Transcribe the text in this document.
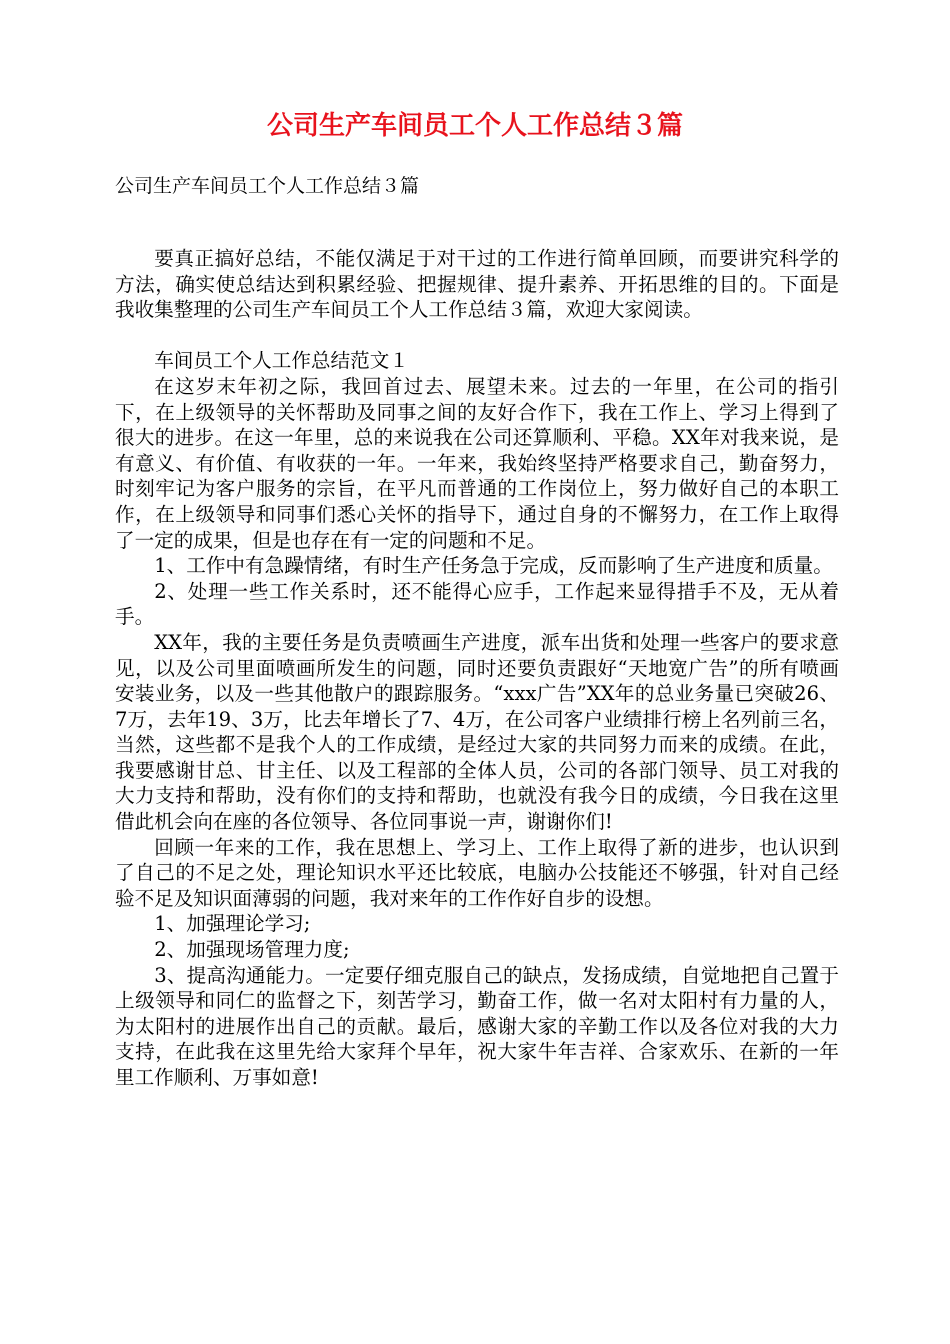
公司生产车间员工个人工作总结３篇
公司生产车间员工个人工作总结３篇

要真正搞好总结，不能仅满足于对干过的工作进行简单回顾，而要讲究科学的方法，确实使总结达到积累经验、把握规律、提升素养、开拓思维的目的。下面是我收集整理的公司生产车间员工个人工作总结３篇，欢迎大家阅读。

车间员工个人工作总结范文１

在这岁末年初之际，我回首过去、展望未来。过去的一年里，在公司的指引下，在上级领导的关怀帮助及同事之间的友好合作下，我在工作上、学习上得到了很大的进步。在这一年里，总的来说我在公司还算顺利、平稳。XX年对我来说，是有意义、有价值、有收获的一年。一年来，我始终坚持严格要求自己，勤奋努力，时刻牢记为客户服务的宗旨，在平凡而普通的工作岗位上，努力做好自己的本职工作，在上级领导和同事们悉心关怀的指导下，通过自身的不懈努力，在工作上取得了一定的成果，但是也存在有一定的问题和不足。

1、工作中有急躁情绪，有时生产任务急于完成，反而影响了生产进度和质量。

2、处理一些工作关系时，还不能得心应手，工作起来显得措手不及，无从着手。

XX年，我的主要任务是负责喷画生产进度，派车出货和处理一些客户的要求意见，以及公司里面喷画所发生的问题，同时还要负责跟好“天地宽广告”的所有喷画安装业务，以及一些其他散户的跟踪服务。“xxx广告”XX年的总业务量已突破26、7万，去年19、3万，比去年增长了7、4万，在公司客户业绩排行榜上名列前三名，当然，这些都不是我个人的工作成绩，是经过大家的共同努力而来的成绩。在此，我要感谢甘总、甘主任、以及工程部的全体人员，公司的各部门领导、员工对我的大力支持和帮助，没有你们的支持和帮助，也就没有我今日的成绩，今日我在这里借此机会向在座的各位领导、各位同事说一声，谢谢你们!

回顾一年来的工作，我在思想上、学习上、工作上取得了新的进步，也认识到了自己的不足之处，理论知识水平还比较底，电脑办公技能还不够强，针对自己经验不足及知识面薄弱的问题，我对来年的工作作好自步的设想。

1、加强理论学习;

2、加强现场管理力度;

3、提高沟通能力。一定要仔细克服自己的缺点，发扬成绩，自觉地把自己置于上级领导和同仁的监督之下，刻苦学习，勤奋工作，做一名对太阳村有力量的人，为太阳村的进展作出自己的贡献。最后，感谢大家的辛勤工作以及各位对我的大力支持，在此我在这里先给大家拜个早年，祝大家牛年吉祥、合家欢乐、在新的一年里工作顺利、万事如意!
